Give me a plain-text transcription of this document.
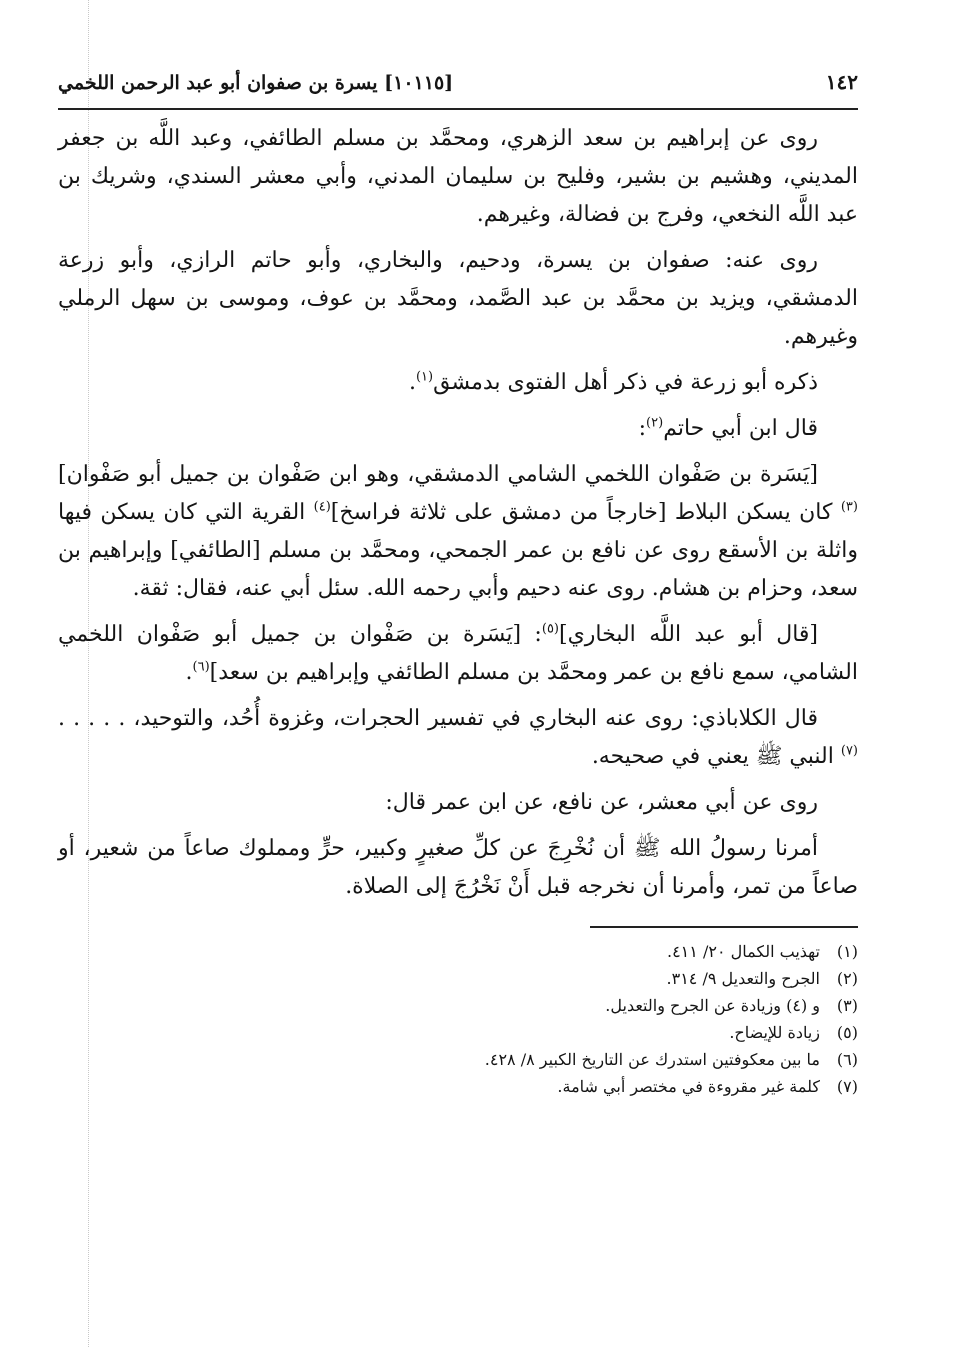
١٤٢
[١٠١١٥] يسرة بن صفوان أبو عبد الرحمن اللخمي

روى عن إبراهيم بن سعد الزهري، ومحمَّد بن مسلم الطائفي، وعبد اللَّه بن جعفر المديني، وهشيم بن بشير، وفليح بن سليمان المدني، وأبي معشر السندي، وشريك بن عبد اللَّه النخعي، وفرج بن فضالة، وغيرهم.

روى عنه: صفوان بن يسرة، ودحيم، والبخاري، وأبو حاتم الرازي، وأبو زرعة الدمشقي، ويزيد بن محمَّد بن عبد الصَّمد، ومحمَّد بن عوف، وموسى بن سهل الرملي وغيرهم.

ذكره أبو زرعة في ذكر أهل الفتوى بدمشق$^{(١)}$.

قال ابن أبي حاتم$^{(٢)}$:

[يَسَرة بن صَفْوان اللخمي الشامي الدمشقي، وهو ابن صَفْوان بن جميل أبو صَفْوان]$^{(٣)}$ كان يسكن البلاط [خارجاً من دمشق على ثلاثة فراسخ]$^{(٤)}$ القرية التي كان يسكن فيها واثلة بن الأسقع روى عن نافع بن عمر الجمحي، ومحمَّد بن مسلم [الطائفي] وإبراهيم بن سعد، وحزام بن هشام. روى عنه دحيم وأبي رحمه الله. سئل أبي عنه، فقال: ثقة.

[قال أبو عبد اللَّه البخاري]$^{(٥)}$: [يَسَرة بن صَفْوان بن جميل أبو صَفْوان اللخمي الشامي، سمع نافع بن عمر ومحمَّد بن مسلم الطائفي وإبراهيم بن سعد]$^{(٦)}$.

قال الكلاباذي: روى عنه البخاري في تفسير الحجرات، وغزوة أُحُد، والتوحيد، . . . . .$^{(٧)}$ النبي ﷺ يعني في صحيحه.

روى عن أبي معشر، عن نافع، عن ابن عمر قال:

أمرنا رسولُ الله ﷺ أن نُخْرِجَ عن كلِّ صغيرٍ وكبير، حرٍّ ومملوك صاعاً من شعير، أو صاعاً من تمر، وأمرنا أن نخرجه قبل أَنْ نَخْرُجَ إلى الصلاة.

(١)
تهذيب الكمال ٢٠/ ٤١١.
(٢)
الجرح والتعديل ٩/ ٣١٤.
(٣)
و (٤) وزيادة عن الجرح والتعديل.
(٥)
زيادة للإيضاح.
(٦)
ما بين معكوفتين استدرك عن التاريخ الكبير ٨/ ٤٢٨.
(٧)
كلمة غير مقروءة في مختصر أبي شامة.
